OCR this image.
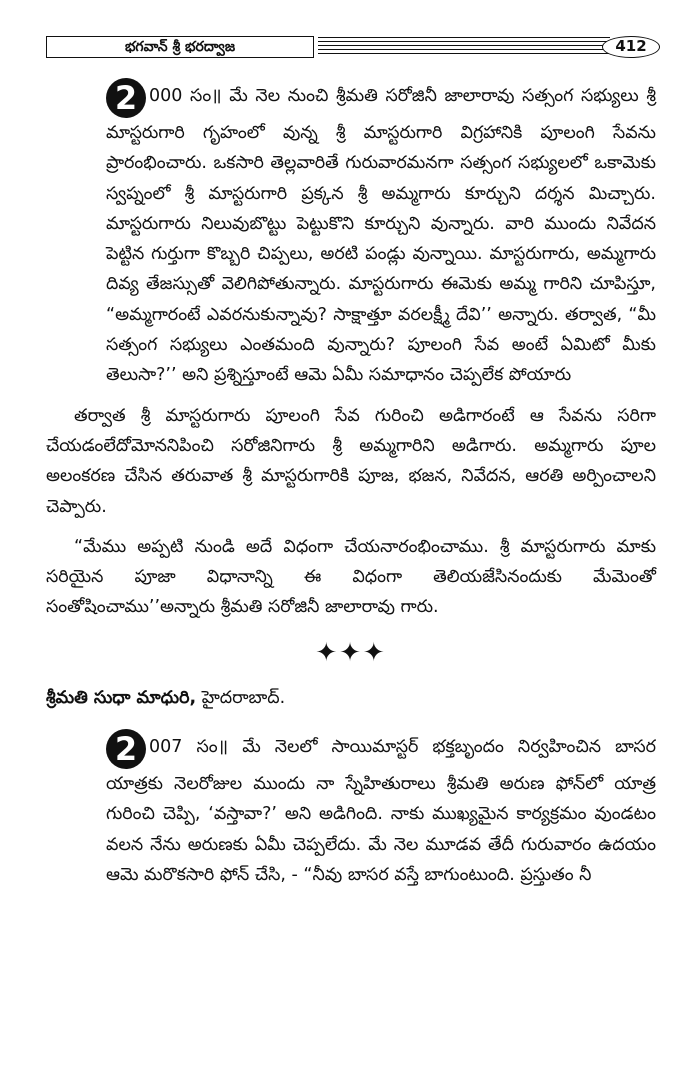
భగవాన్ శ్రీ భరద్వాజ	412

2 000 సం॥ మే నెల నుంచి శ్రీమతి సరోజినీ జాలారావు సత్సంగ సభ్యులు శ్రీ మాస్టరుగారి గృహంలో వున్న శ్రీ మాస్టరుగారి విగ్రహానికి పూలంగి సేవను ప్రారంభించారు. ఒకసారి తెల్లవారితే గురువారమనగా సత్సంగ సభ్యులలో ఒకామెకు స్వప్నంలో శ్రీ మాస్టరుగారి ప్రక్కన శ్రీ అమ్మగారు కూర్చుని దర్శన మిచ్చారు. మాస్టరుగారు నిలువుబొట్టు పెట్టుకొని కూర్చుని వున్నారు. వారి ముందు నివేదన పెట్టిన గుర్తుగా కొబ్బరి చిప్పలు, అరటి పండ్లు వున్నాయి. మాస్టరుగారు, అమ్మగారు దివ్య తేజస్సుతో వెలిగిపోతున్నారు. మాస్టరుగారు ఈమెకు అమ్మ గారిని చూపిస్తూ, “అమ్మగారంటే ఎవరనుకున్నావు? సాక్షాత్తూ వరలక్ష్మీ దేవి’’ అన్నారు. తర్వాత, “మీ సత్సంగ సభ్యులు ఎంతమంది వున్నారు? పూలంగి సేవ అంటే ఏమిటో మీకు తెలుసా?’’ అని ప్రశ్నిస్తూంటే ఆమె ఏమీ సమాధానం చెప్పలేక పోయారు

తర్వాత శ్రీ మాస్టరుగారు పూలంగి సేవ గురించి అడిగారంటే ఆ సేవను సరిగా చేయడంలేదోమోననిపించి సరోజినిగారు శ్రీ అమ్మగారిని అడిగారు. అమ్మగారు పూల అలంకరణ చేసిన తరువాత శ్రీ మాస్టరుగారికి పూజ, భజన, నివేదన, ఆరతి అర్పించాలని చెప్పారు.

“మేము అప్పటి నుండి అదే విధంగా చేయనారంభించాము. శ్రీ మాస్టరుగారు మాకు సరియైన పూజా విధానాన్ని ఈ విధంగా తెలియజేసినందుకు మేమెంతో సంతోషించాము’’అన్నారు శ్రీమతి సరోజినీ జాలారావు గారు.

✦✦✦
శ్రీమతి సుధా మాధురి, హైదరాబాద్.

2 007 సం॥ మే నెలలో సాయిమాస్టర్ భక్తబృందం నిర్వహించిన బాసర యాత్రకు నెలరోజుల ముందు నా స్నేహితురాలు శ్రీమతి అరుణ ఫోన్‌లో యాత్ర గురించి చెప్పి, ‘వస్తావా?’ అని అడిగింది. నాకు ముఖ్యమైన కార్యక్రమం వుండటం వలన నేను అరుణకు ఏమీ చెప్పలేదు. మే నెల మూడవ తేదీ గురువారం ఉదయం ఆమె మరొకసారి ఫోన్ చేసి, - “నీవు బాసర వస్తే బాగుంటుంది. ప్రస్తుతం నీ
